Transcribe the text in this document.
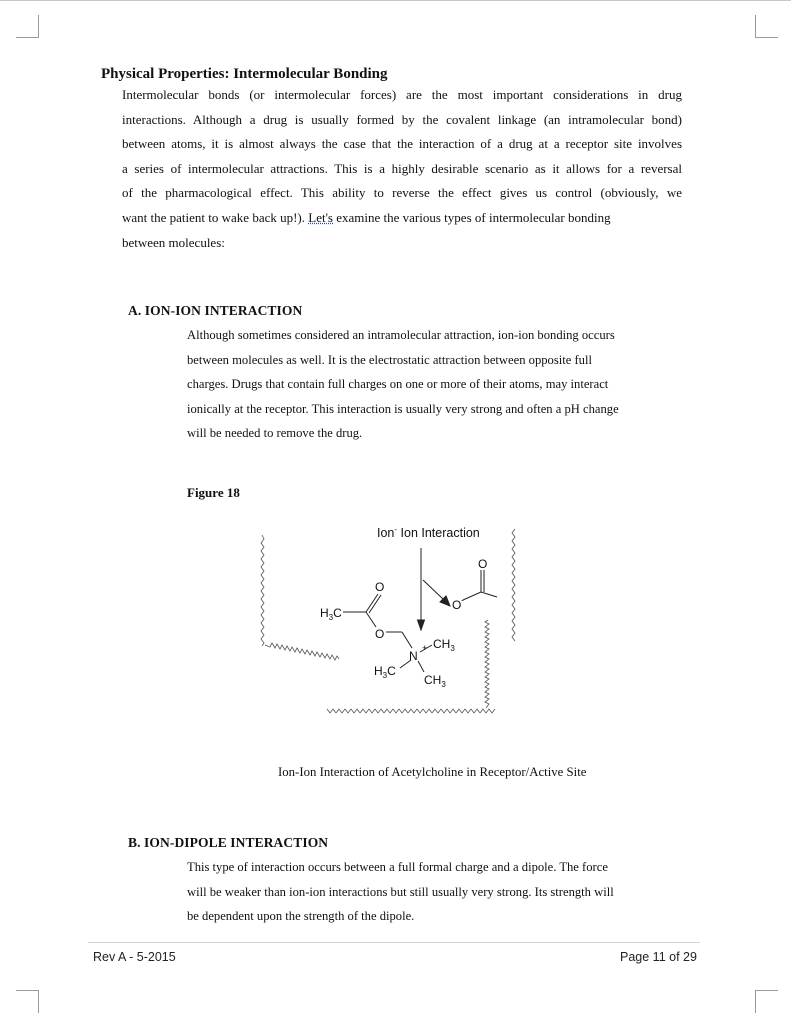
Physical Properties: Intermolecular Bonding
Intermolecular bonds (or intermolecular forces) are the most important considerations in drug
interactions. Although a drug is usually formed by the covalent linkage (an intramolecular bond)
between atoms, it is almost always the case that the interaction of a drug at a receptor site involves
a series of intermolecular attractions. This is a highly desirable scenario as it allows for a reversal
of the pharmacological effect. This ability to reverse the effect gives us control (obviously, we
want the patient to wake back up!). Let's examine the various types of intermolecular bonding
between molecules:
A. ION-ION INTERACTION
Although sometimes considered an intramolecular attraction, ion-ion bonding occurs
between molecules as well. It is the electrostatic attraction between opposite full
charges. Drugs that contain full charges on one or more of their atoms, may interact
ionically at the receptor. This interaction is usually very strong and often a pH change
will be needed to remove the drug.
Figure 18
Ion- Ion Interaction
$H_3C$
O
O
N
+ $CH_3$
$H_3C$
$CH_3$
O -
O
Ion-Ion Interaction of Acetylcholine in Receptor/Active Site
B. ION-DIPOLE INTERACTION
This type of interaction occurs between a full formal charge and a dipole. The force
will be weaker than ion-ion interactions but still usually very strong. Its strength will
be dependent upon the strength of the dipole.
Rev A - 5-2015	Page 11 of 29
